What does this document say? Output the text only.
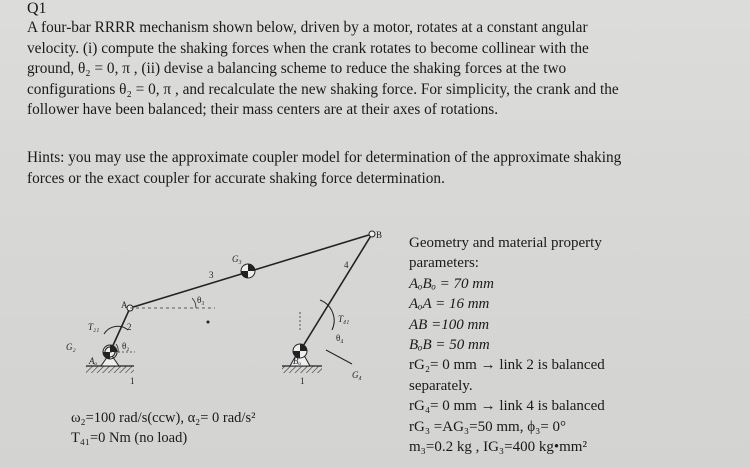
Q1
A four-bar RRRR mechanism shown below, driven by a motor, rotates at a constant angular
velocity. (i) compute the shaking forces when the crank rotates to become collinear with the
ground, θ₂ = 0, π , (ii) devise a balancing scheme to reduce the shaking forces at the two
configurations θ₂ = 0, π , and recalculate the new shaking force. For simplicity, the crank and the
follower have been balanced; their mass centers are at their axes of rotations.
Hints: you may use the approximate coupler model for determination of the approximate shaking
forces or the exact coupler for accurate shaking force determination.
B
G₃
3
4
A	θ₃
T₄₁
θ₄
T₂₁	2
G₂	θ₂
Aₒ	Bₒ
G₄
1	1
Geometry and material property
parameters:
AₒBₒ = 70 mm
AₒA = 16 mm
AB =100 mm
BₒB = 50 mm
rG₂= 0 mm → link 2 is balanced
separately.
rG₄= 0 mm → link 4 is balanced
rG₃ =AG₃=50 mm, ϕ₃= 0°
m₃=0.2 kg , IG₃=400 kg•mm²
ω₂=100 rad/s(ccw), α₂= 0 rad/s²
T₄₁=0 Nm (no load)
